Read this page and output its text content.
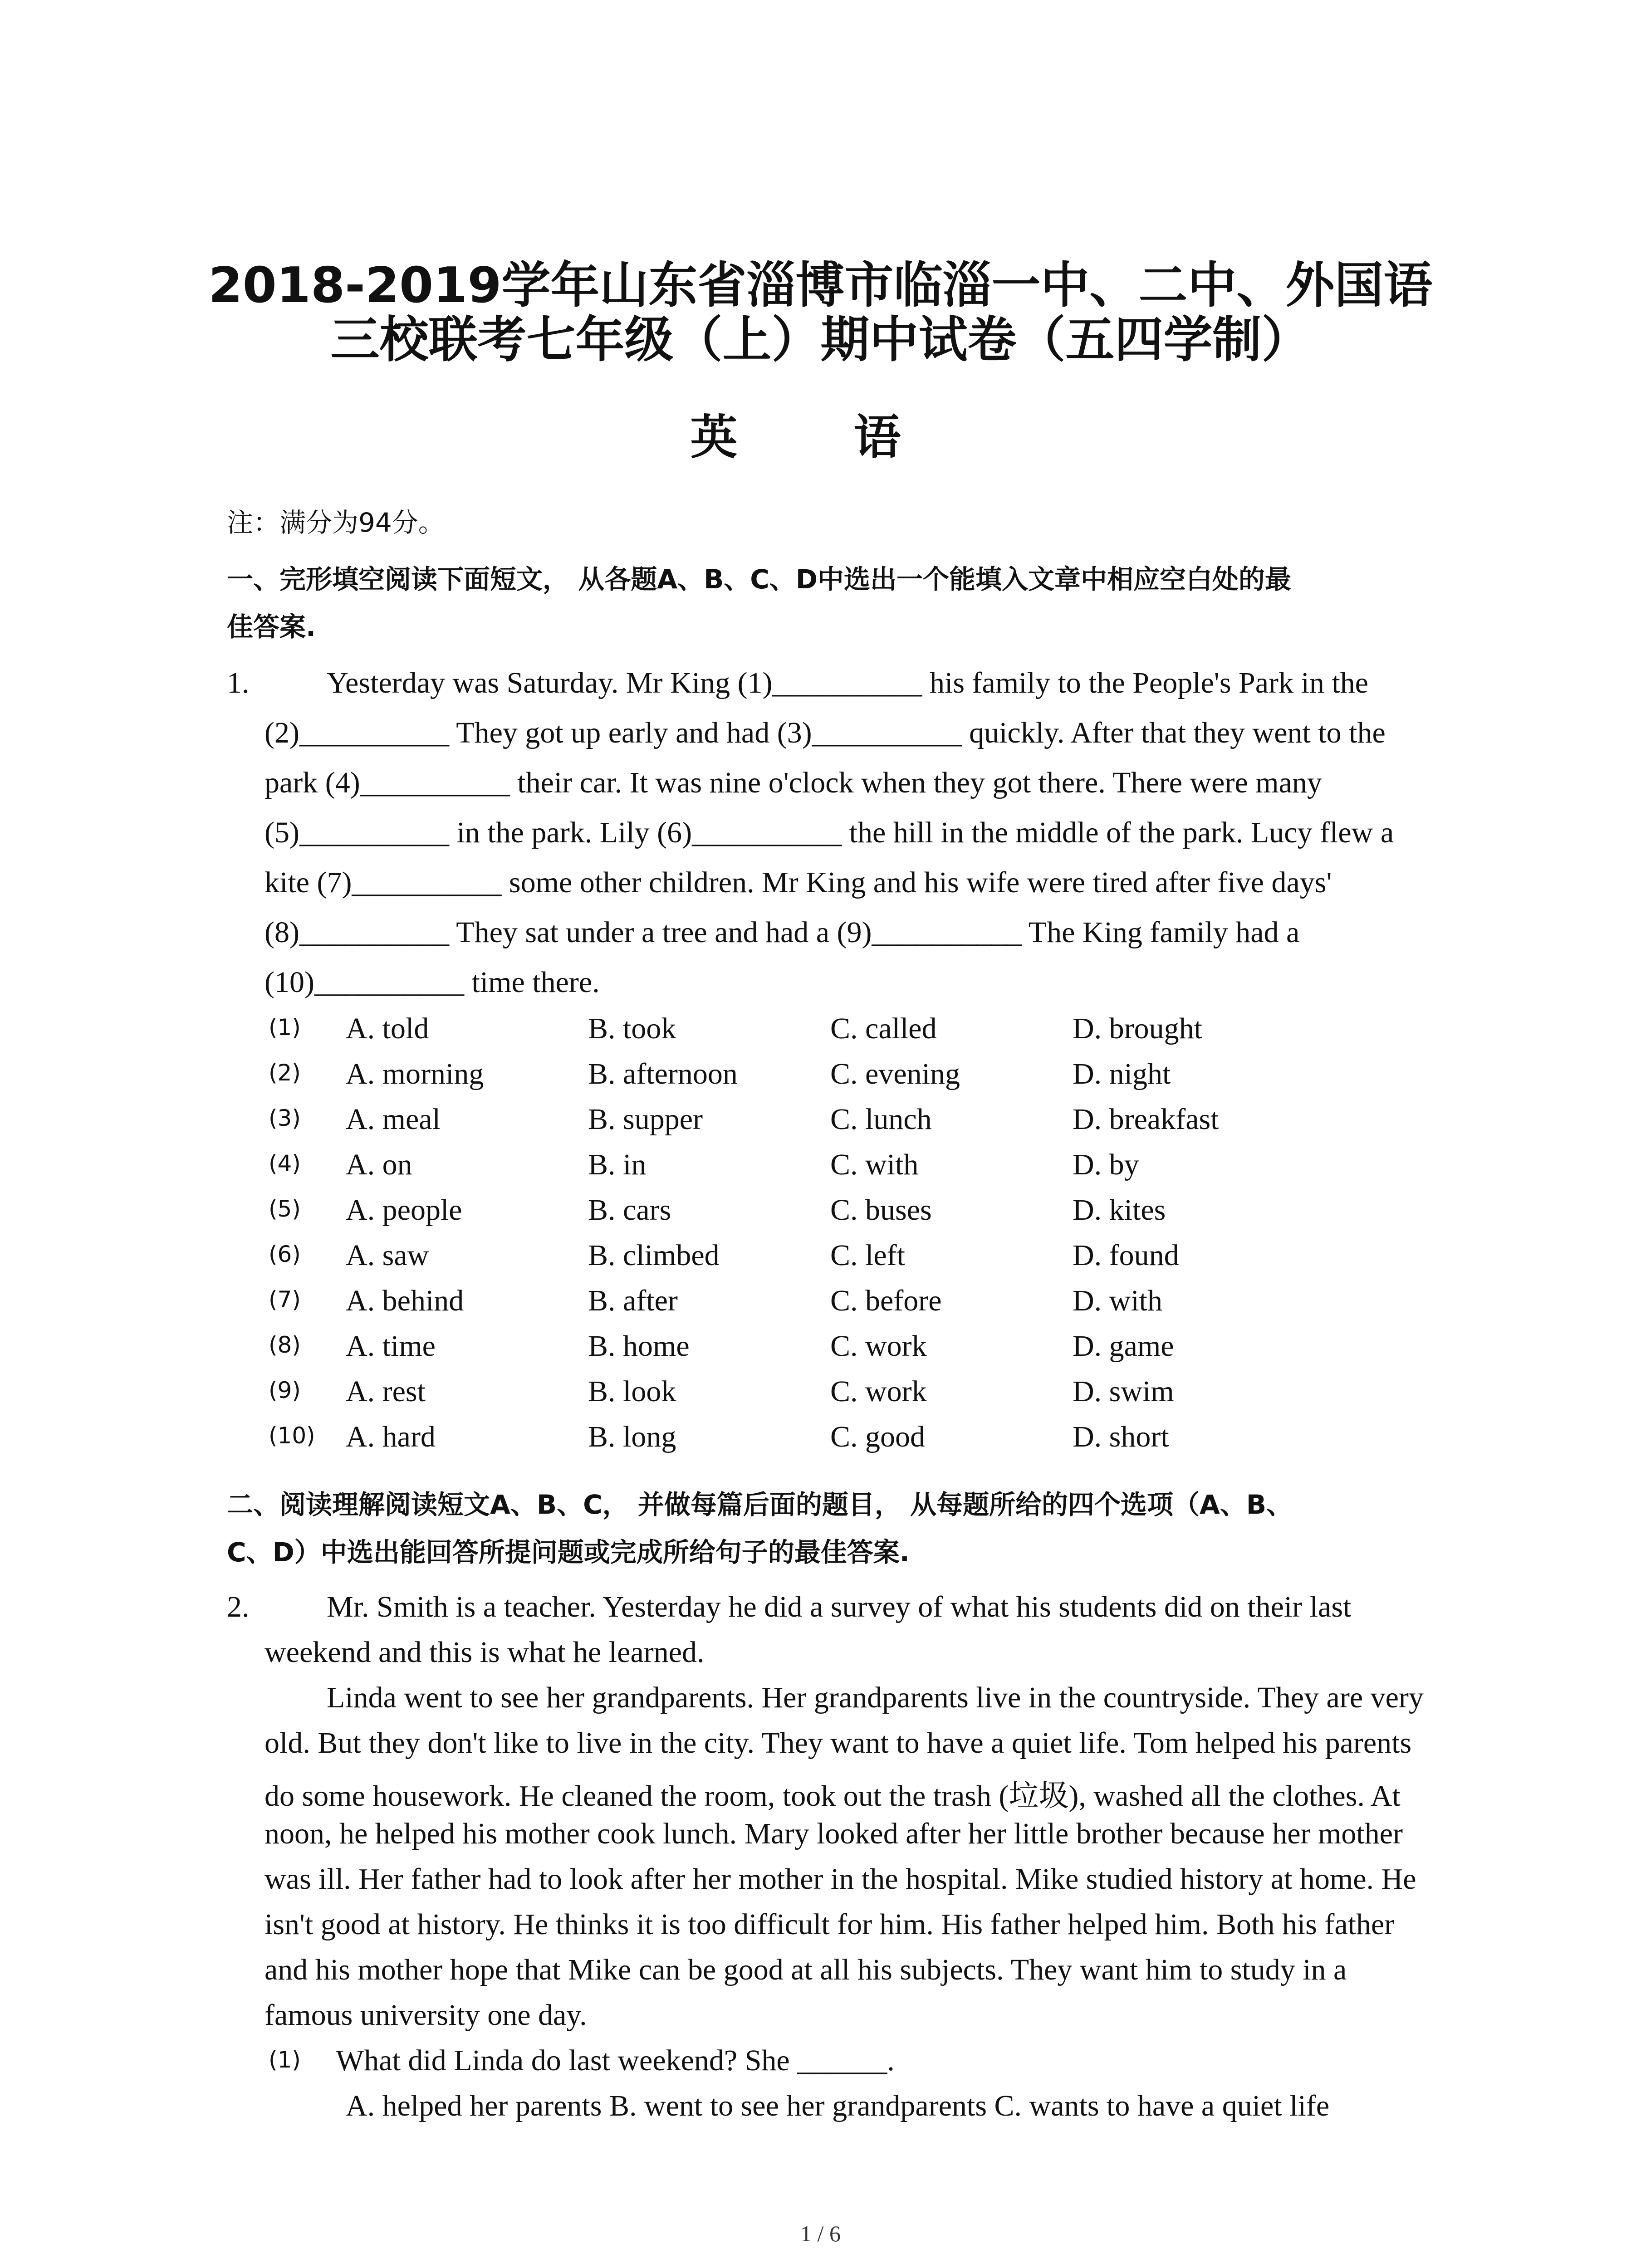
2018-2019学年山东省淄博市临淄一中、二中、外国语
三校联考七年级（上）期中试卷（五四学制）
英 语
注：满分为94分。
一、完形填空阅读下面短文， 从各题A、B、C、D中选出一个能填入文章中相应空白处的最
佳答案.
1.	Yesterday was Saturday. Mr King (1)__________ his family to the People's Park in the
(2)__________ They got up early and had (3)__________ quickly. After that they went to the
park (4)__________ their car. It was nine o'clock when they got there. There were many
(5)__________ in the park. Lily (6)__________ the hill in the middle of the park. Lucy flew a
kite (7)__________ some other children. Mr King and his wife were tired after five days'
(8)__________ They sat under a tree and had a (9)__________ The King family had a
(10)__________ time there.
(1) A. told	B. took	C. called	D. brought
(2) A. morning	B. afternoon	C. evening	D. night
(3) A. meal	B. supper	C. lunch	D. breakfast
(4) A. on	B. in	C. with	D. by
(5) A. people	B. cars	C. buses	D. kites
(6) A. saw	B. climbed	C. left	D. found
(7) A. behind	B. after	C. before	D. with
(8) A. time	B. home	C. work	D. game
(9) A. rest	B. look	C. work	D. swim
(10) A. hard	B. long	C. good	D. short
二、阅读理解阅读短文A、B、C， 并做每篇后面的题目， 从每题所给的四个选项（A、B、
C、D）中选出能回答所提问题或完成所给句子的最佳答案.
2.	Mr. Smith is a teacher. Yesterday he did a survey of what his students did on their last
weekend and this is what he learned.
Linda went to see her grandparents. Her grandparents live in the countryside. They are very
old. But they don't like to live in the city. They want to have a quiet life. Tom helped his parents
do some housework. He cleaned the room, took out the trash (垃圾), washed all the clothes. At
noon, he helped his mother cook lunch. Mary looked after her little brother because her mother
was ill. Her father had to look after her mother in the hospital. Mike studied history at home. He
isn't good at history. He thinks it is too difficult for him. His father helped him. Both his father
and his mother hope that Mike can be good at all his subjects. They want him to study in a
famous university one day.
(1) What did Linda do last weekend? She ______.
A. helped her parents B. went to see her grandparents C. wants to have a quiet life
1 / 6
